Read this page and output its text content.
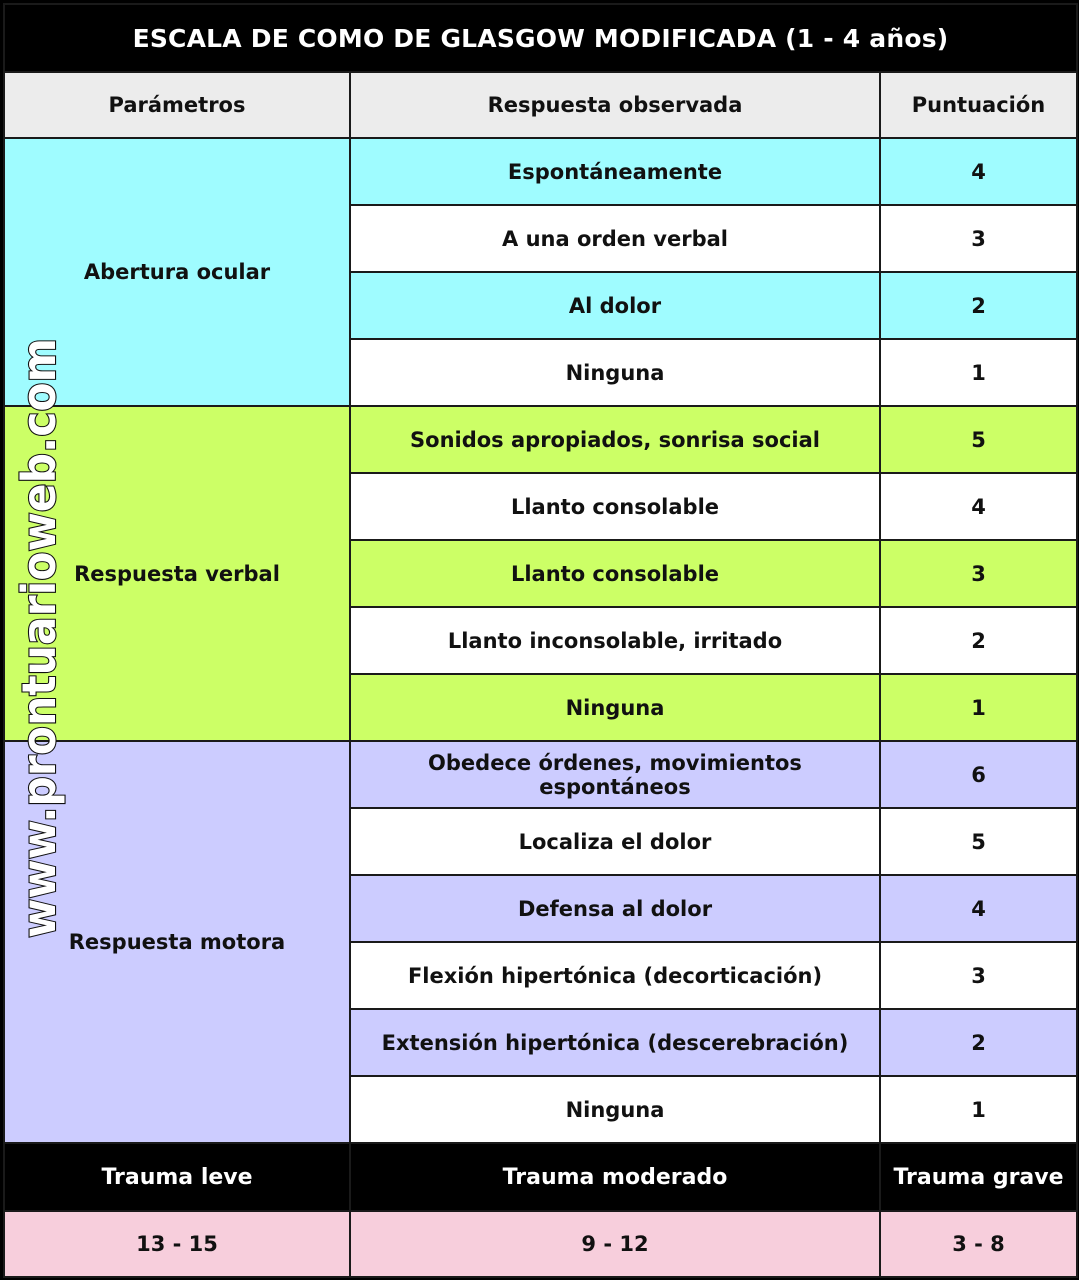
ESCALA DE COMO DE GLASGOW MODIFICADA (1 - 4 años)		
Parámetros	Respuesta observada	Puntuación
Abertura ocular	Espontáneamente	4
	A una orden verbal	3
	Al dolor	2
	Ninguna	1
Respuesta verbal	Sonidos apropiados, sonrisa social	5
	Llanto consolable	4
	Llanto consolable	3
	Llanto inconsolable, irritado	2
	Ninguna	1
Respuesta motora	Obedece órdenes, movimientos espontáneos	6
	Localiza el dolor	5
	Defensa al dolor	4
	Flexión hipertónica (decorticación)	3
	Extensión hipertónica (descerebración)	2
	Ninguna	1
Trauma leve	Trauma moderado	Trauma grave
13 - 15	9 - 12	3 - 8
www.prontuarioweb.com
